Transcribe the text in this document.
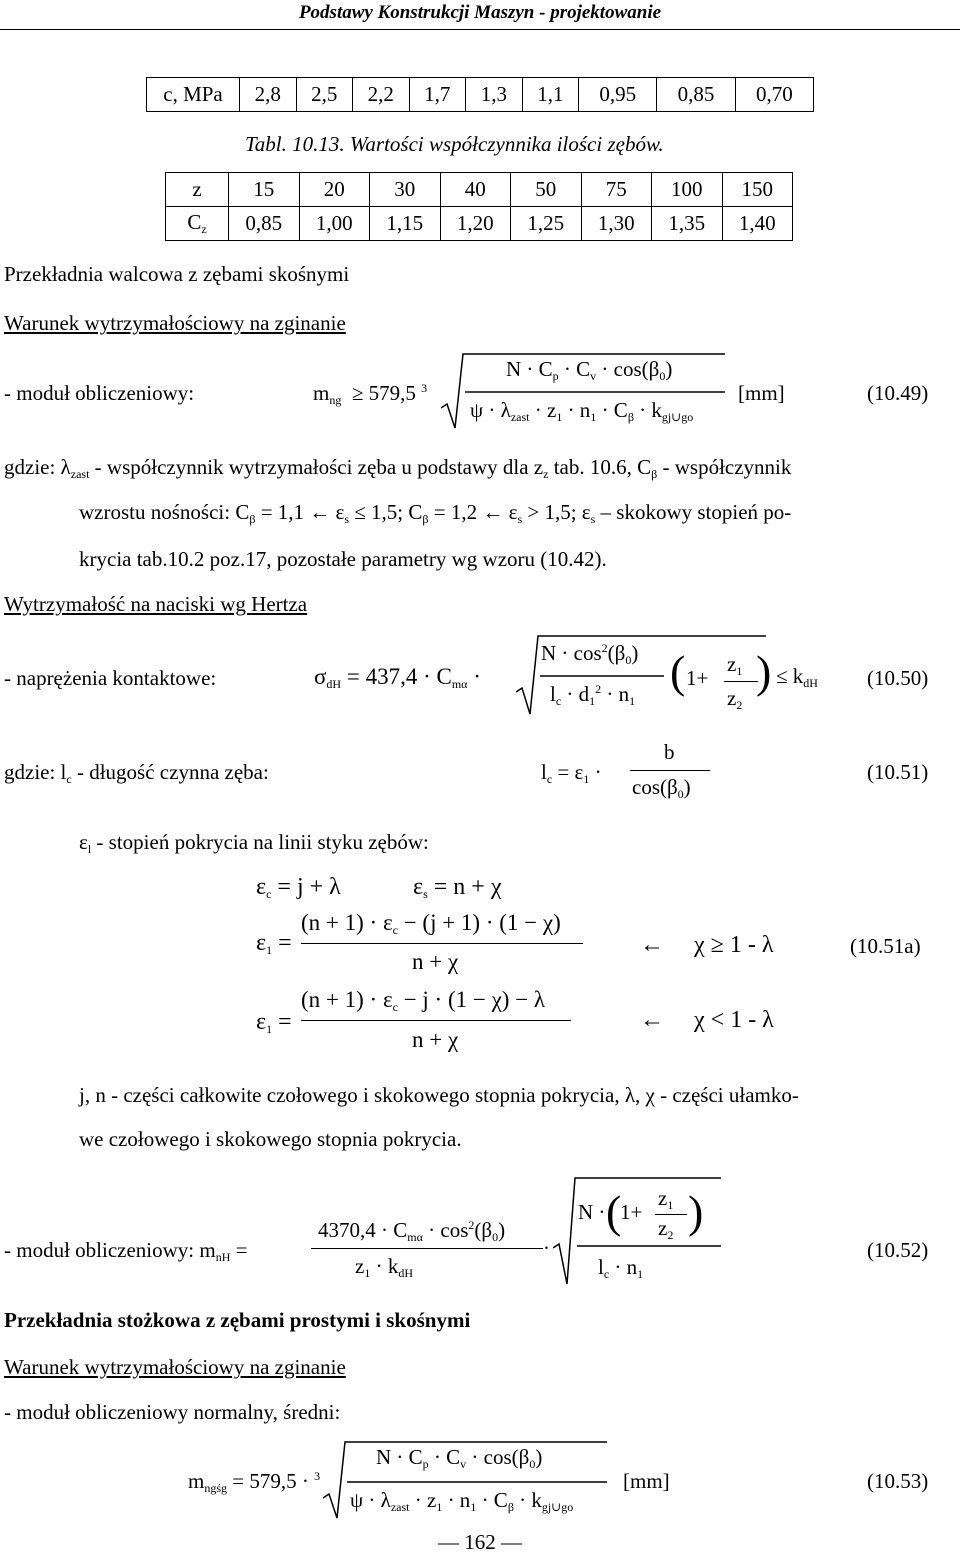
Podstawy Konstrukcji Maszyn - projektowanie
c, MPa	2,8	2,5	2,2	1,7	1,3	1,1	0,95	0,85	0,70
Tabl. 10.13. Wartości współczynnika ilości zębów.
z	15	20	30	40	50	75	100	150
$C_z$	0,85	1,00	1,15	1,20	1,25	1,30	1,35	1,40
Przekładnia walcowa z zębami skośnymi
Warunek wytrzymałościowy na zginanie
- moduł obliczeniowy:	$m_{ng} \ge 579,5$ $^3$
$N \cdot C_p \cdot C_v \cdot \cos(\beta_0)$
$\psi \cdot \lambda_{zast} \cdot z_1 \cdot n_1 \cdot C_\beta \cdot k_{gj\cup go}$
[mm]	(10.49)
gdzie: $\lambda_{zast}$ - współczynnik wytrzymałości zęba u podstawy dla $z_z$ tab. 10.6, $C_\beta$ - współczynnik
wzrostu nośności: $C_\beta = 1,1$ ← $\varepsilon_s \le 1,5$; $C_\beta = 1,2$ ← $\varepsilon_s > 1,5$; $\varepsilon_s$ – skokowy stopień po-
krycia tab.10.2 poz.17, pozostałe parametry wg wzoru (10.42).
Wytrzymałość na naciski wg Hertza
- naprężenia kontaktowe:	$\sigma_{dH} = 437,4 \cdot C_{m\alpha}$ ·
$N \cdot \cos^2(\beta_0)$
$l_c \cdot d_1^2 \cdot n_1$
( 1+
$z_1$
$z_2$
) ≤ $k_{dH}$ (10.50)
gdzie: $l_c$ - długość czynna zęba:	$l_c = \varepsilon_1$ ·
b
$\cos(\beta_0)$
(10.51)
$\varepsilon_l$ - stopień pokrycia na linii styku zębów:
$\varepsilon_c = j + \lambda$	$\varepsilon_s = n + \chi$
$\varepsilon_1$ =
$(n + 1) \cdot \varepsilon_c - (j + 1) \cdot (1 - \chi)$
n + χ
←     χ ≥ 1 - λ	(10.51a)
$\varepsilon_1$ =
$(n + 1) \cdot \varepsilon_c - j \cdot (1 - \chi) - \lambda$
n + χ
←     χ < 1 - λ
j, n - części całkowite czołowego i skokowego stopnia pokrycia, λ, χ - części ułamko-
we czołowego i skokowego stopnia pokrycia.
- moduł obliczeniowy: $m_{nH}$ =
$4370,4 \cdot C_{m\alpha} \cdot \cos^2(\beta_0)$
$z_1 \cdot k_{dH}$
·
N · (
1+
$z_1$
$z_2$ )
$l_c \cdot n_1$
(10.52)
Przekładnia stożkowa z zębami prostymi i skośnymi
Warunek wytrzymałościowy na zginanie
- moduł obliczeniowy normalny, średni:
$m_{ngśg} = 579,5 \cdot ^3$
$N \cdot C_p \cdot C_v \cdot \cos(\beta_0)$
$\psi \cdot \lambda_{zast} \cdot z_1 \cdot n_1 \cdot C_\beta \cdot k_{gj\cup go}$
[mm]	(10.53)
— 162 —
